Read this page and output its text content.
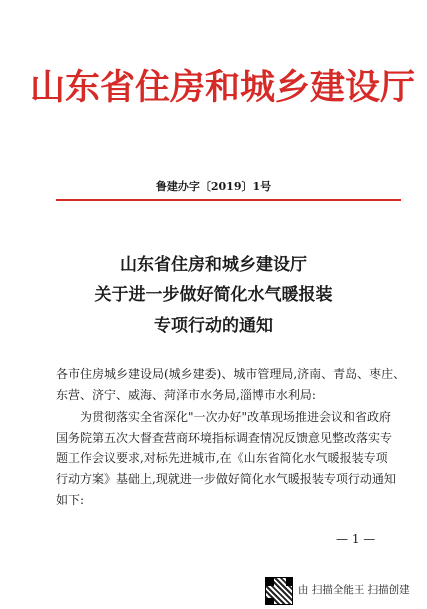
山东省住房和城乡建设厅
鲁建办字〔2019〕1号
山东省住房和城乡建设厅
关于进一步做好简化水气暖报装
专项行动的通知
各市住房城乡建设局(城乡建委)、城市管理局,济南、青岛、枣庄、
东营、济宁、威海、菏泽市水务局,淄博市水利局:
为贯彻落实全省深化"一次办好"改革现场推进会议和省政府
国务院第五次大督查营商环境指标调查情况反馈意见整改落实专
题工作会议要求,对标先进城市,在《山东省简化水气暖报装专项
行动方案》基础上,现就进一步做好简化水气暖报装专项行动通知
如下:
— 1 —
由 扫描全能王 扫描创建
